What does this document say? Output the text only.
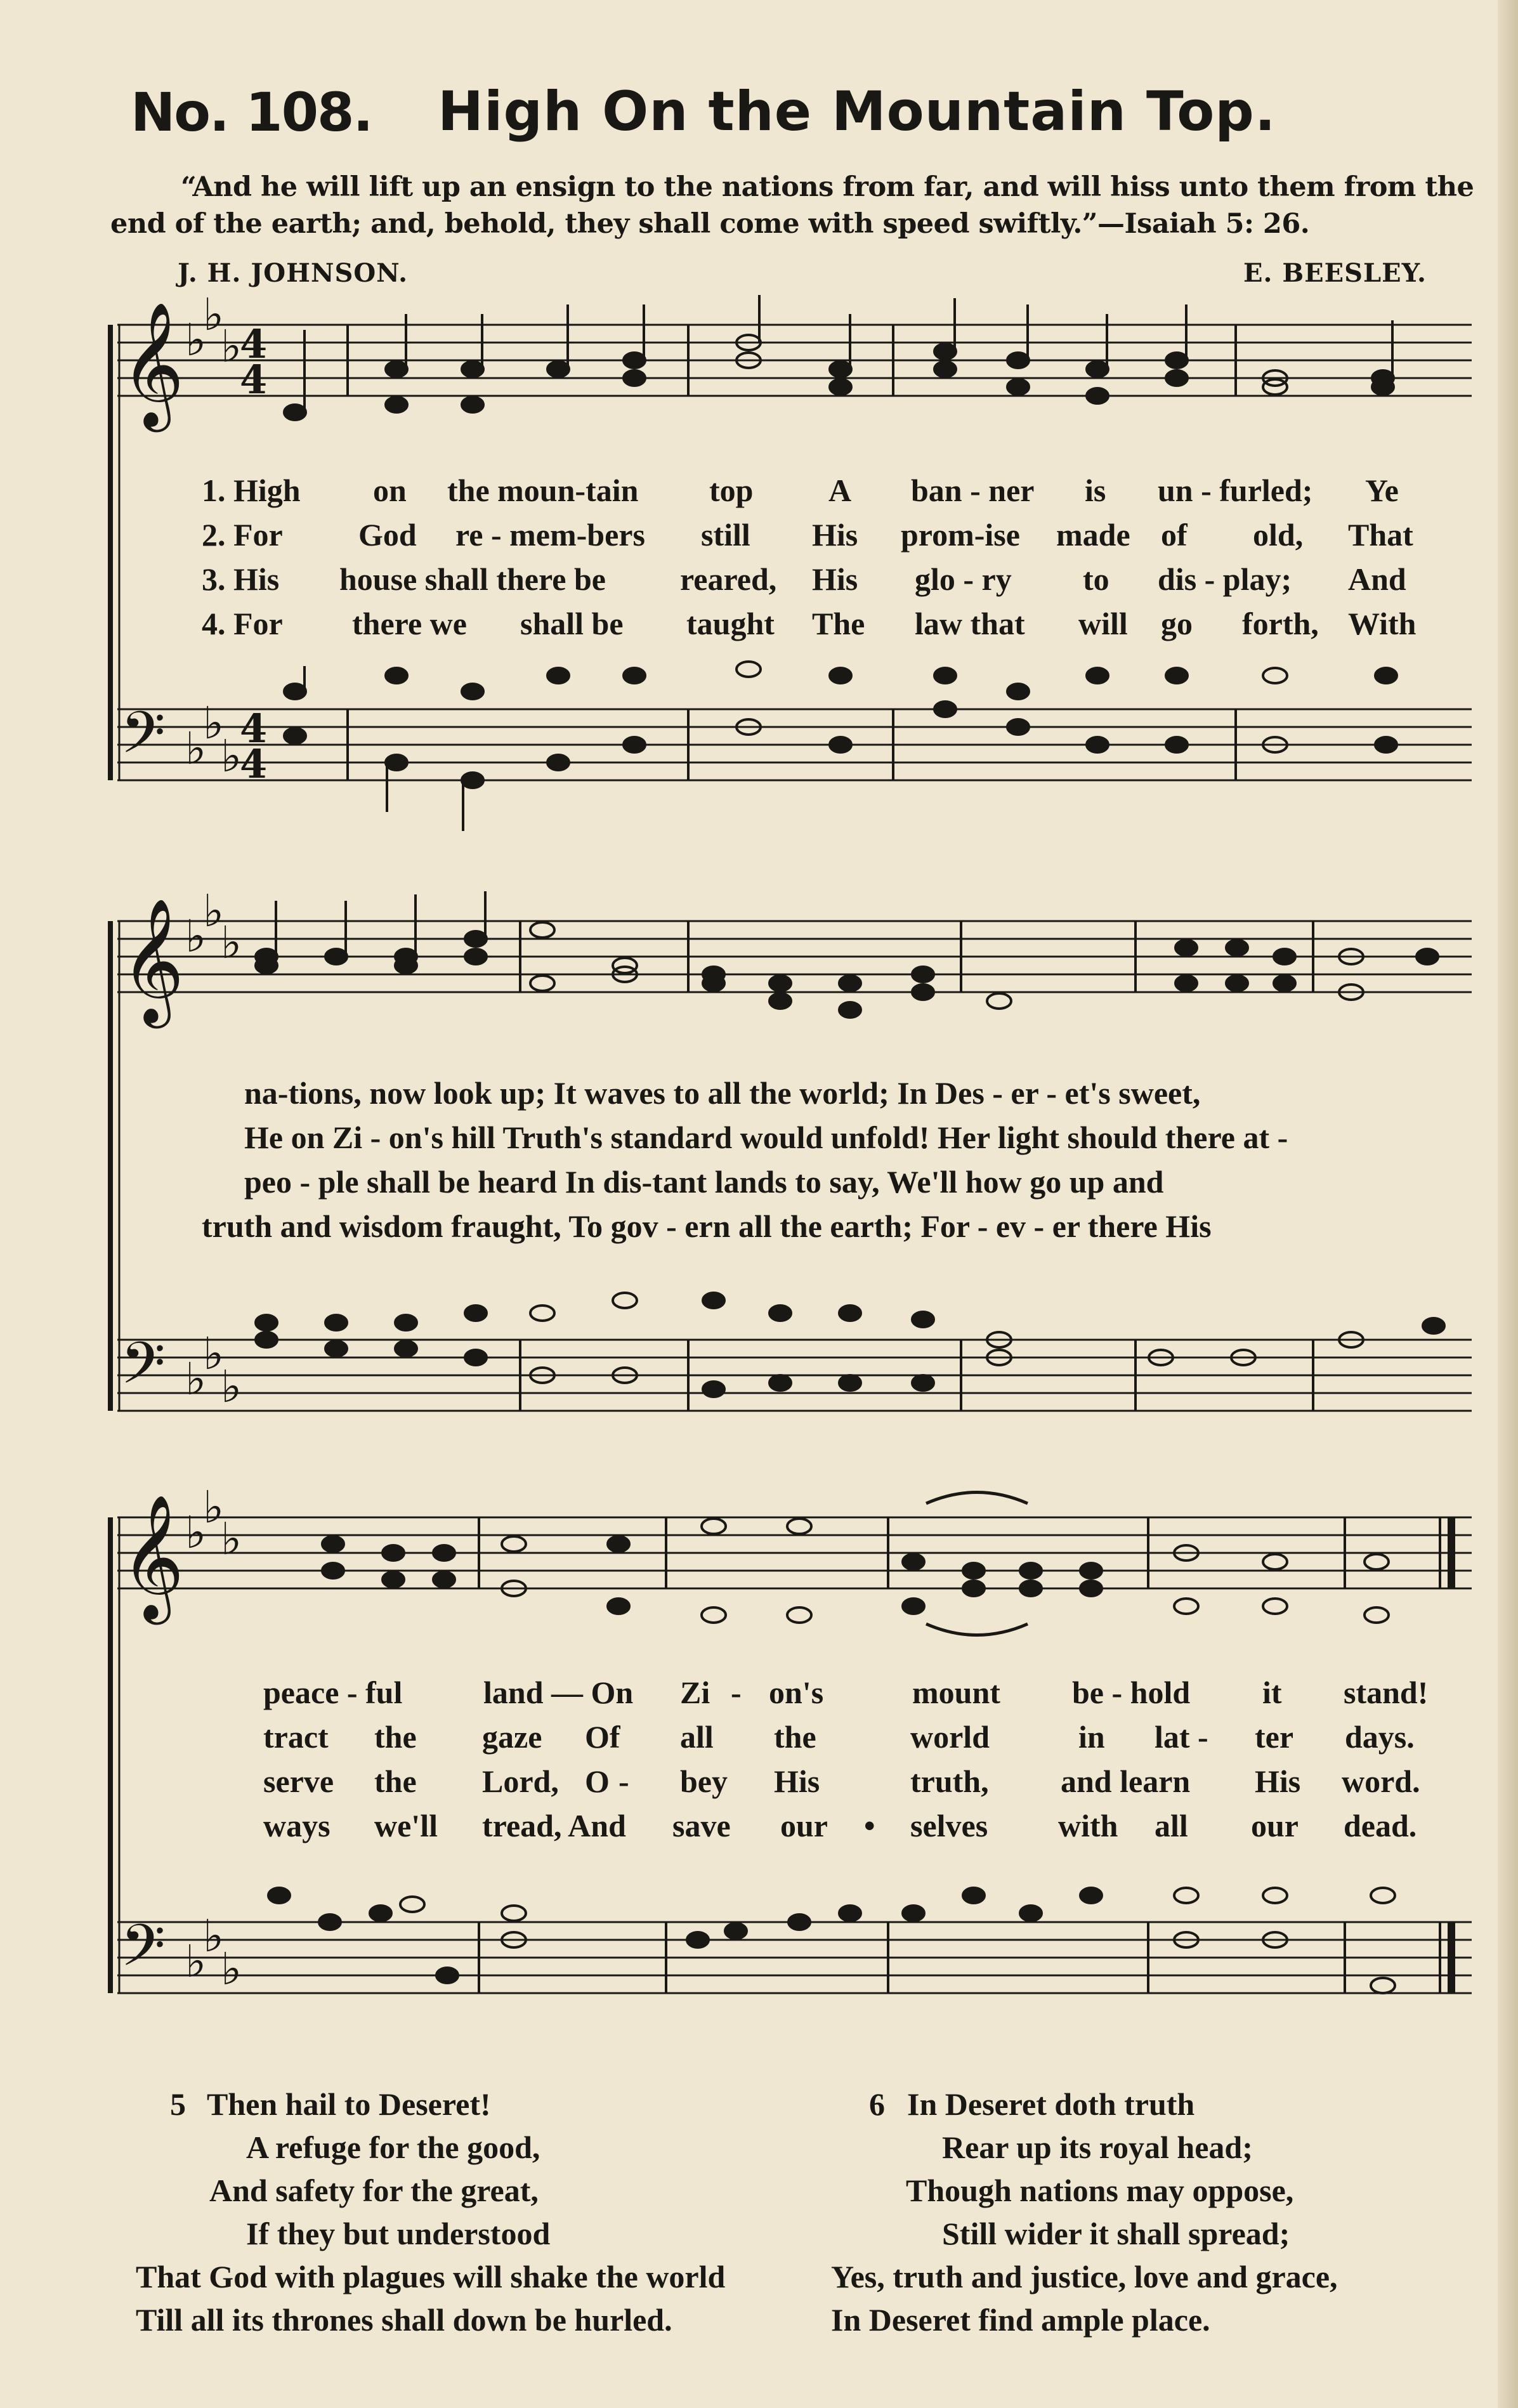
No. 108. High On the Mountain Top.
“And he will lift up an ensign to the nations from far, and will hiss unto them from the
end of the earth; and, behold, they shall come with speed swiftly.”—Isaiah 5: 26.
J. H. JOHNSON.	E. BEESLEY.
𝄞
𝄢
♭
♭
♭
♭
♭
♭
4
4
4
4
1. High on the moun-tain top A ban - ner is un - furled; Ye
2. For God re - mem-bers still His prom-ise made of old, That
3. His house shall there be reared, His glo - ry to dis - play; And
4. For there we shall be taught The law that will go forth, With
𝄞
𝄢
♭
♭
♭
♭
♭
♭
na-tions, now look up; It waves to all the world; In Des - er - et's sweet,
He on Zi - on's hill Truth's standard would unfold! Her light should there at -
peo - ple shall be heard In dis-tant lands to say, We'll how go up and
truth and wisdom fraught, To gov - ern all the earth; For - ev - er there His
𝄞
𝄢
♭
♭
♭
♭
♭
♭
peace - ful	land — On Zi - on's	mount be - hold it stand!
tract the gaze Of all the	world	in lat - ter days.
serve the Lord, O - bey His	truth, and learn His word.
ways we'll tread, And save our • selves with all our dead.
5 Then hail to Deseret!
A refuge for the good,
And safety for the great,
If they but understood
That God with plagues will shake the world
Till all its thrones shall down be hurled.
6 In Deseret doth truth
Rear up its royal head;
Though nations may oppose,
Still wider it shall spread;
Yes, truth and justice, love and grace,
In Deseret find ample place.
